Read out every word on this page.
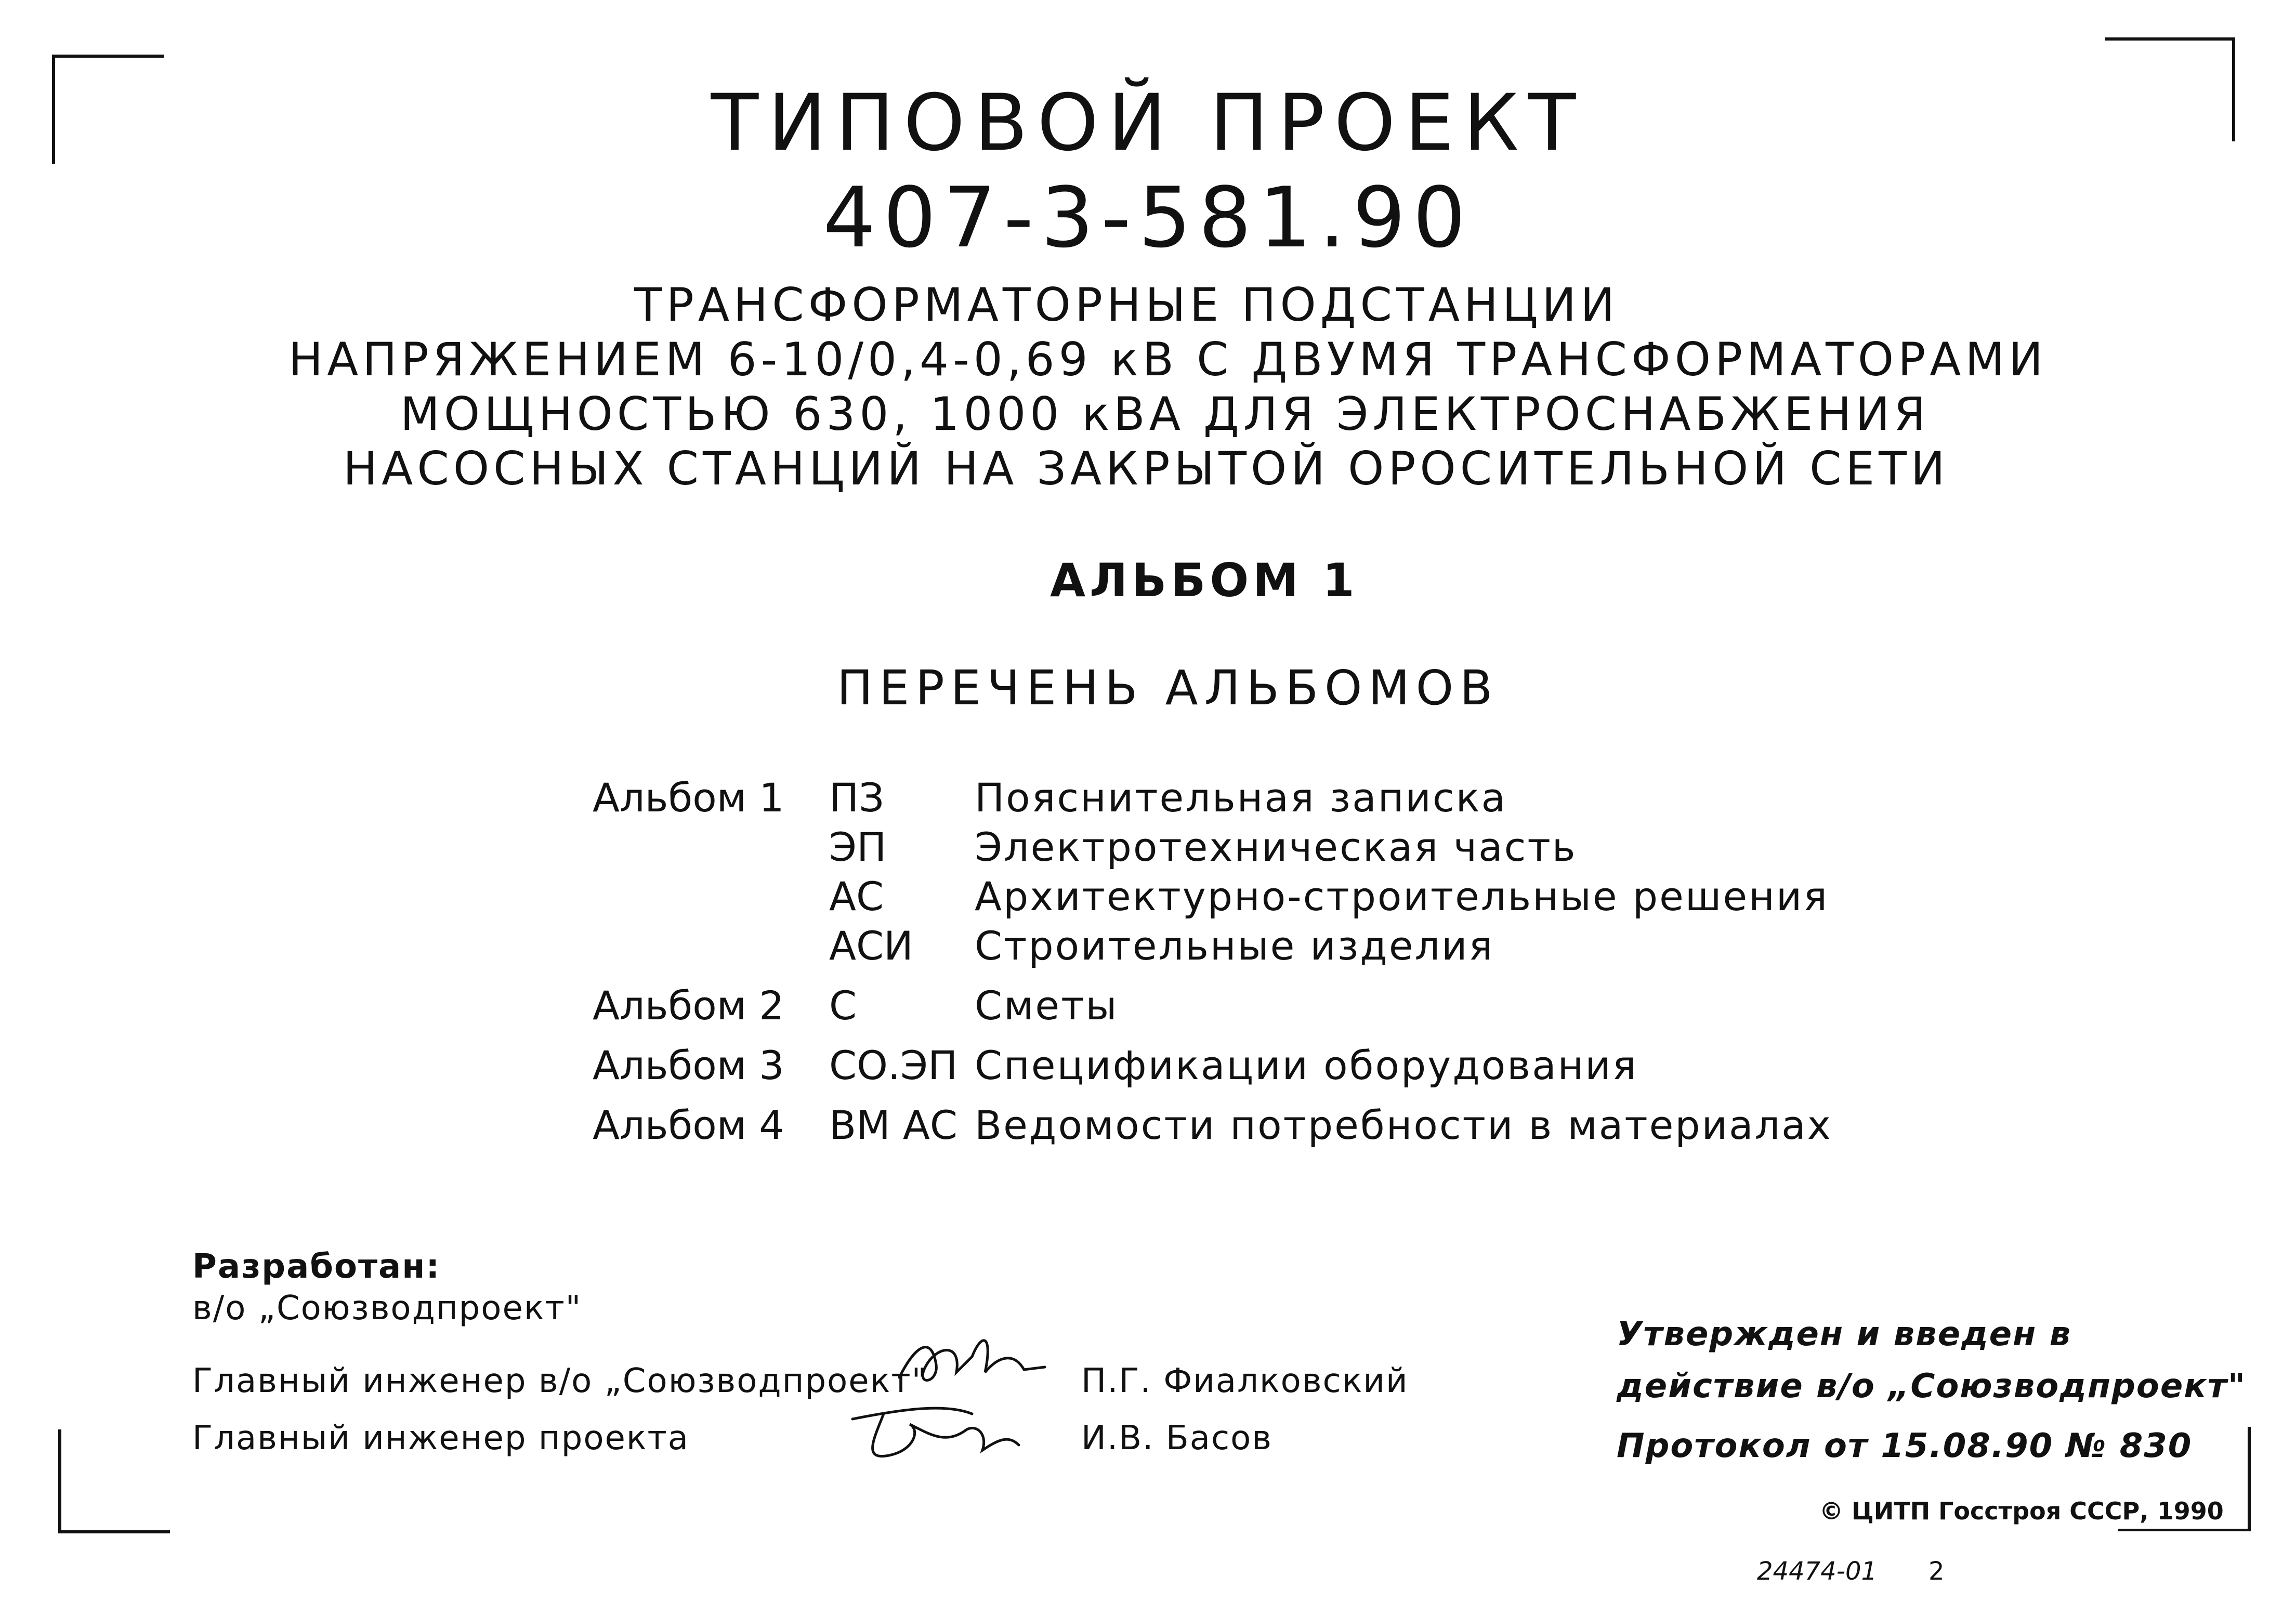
ТИПОВОЙ ПРОЕКТ
407-3-581.90
ТРАНСФОРМАТОРНЫЕ ПОДСТАНЦИИ
НАПРЯЖЕНИЕМ 6-10/0,4-0,69 кВ С ДВУМЯ ТРАНСФОРМАТОРАМИ
МОЩНОСТЬЮ 630, 1000 кВА ДЛЯ ЭЛЕКТРОСНАБЖЕНИЯ
НАСОСНЫХ СТАНЦИЙ НА ЗАКРЫТОЙ ОРОСИТЕЛЬНОЙ СЕТИ
АЛЬБОМ 1
ПЕРЕЧЕНЬ АЛЬБОМОВ
Альбом 1 ПЗ Пояснительная записка
ЭП Электротехническая часть
АС Архитектурно-строительные решения
АСИ Строительные изделия
Альбом 2 С	Сметы
Альбом 3 СО.ЭП Спецификации оборудования
Альбом 4 ВМ АС Ведомости потребности в материалах
Разработан:
в/о „Союзводпроект"
Главный инженер в/о „Союзводпроект"
Главный инженер проекта
П.Г. Фиалковский
И.В. Басов
Утвержден и введен в
действие в/о „Союзводпроект"
Протокол от 15.08.90 № 830
© ЦИТП Госстроя СССР, 1990
24474-01 2
